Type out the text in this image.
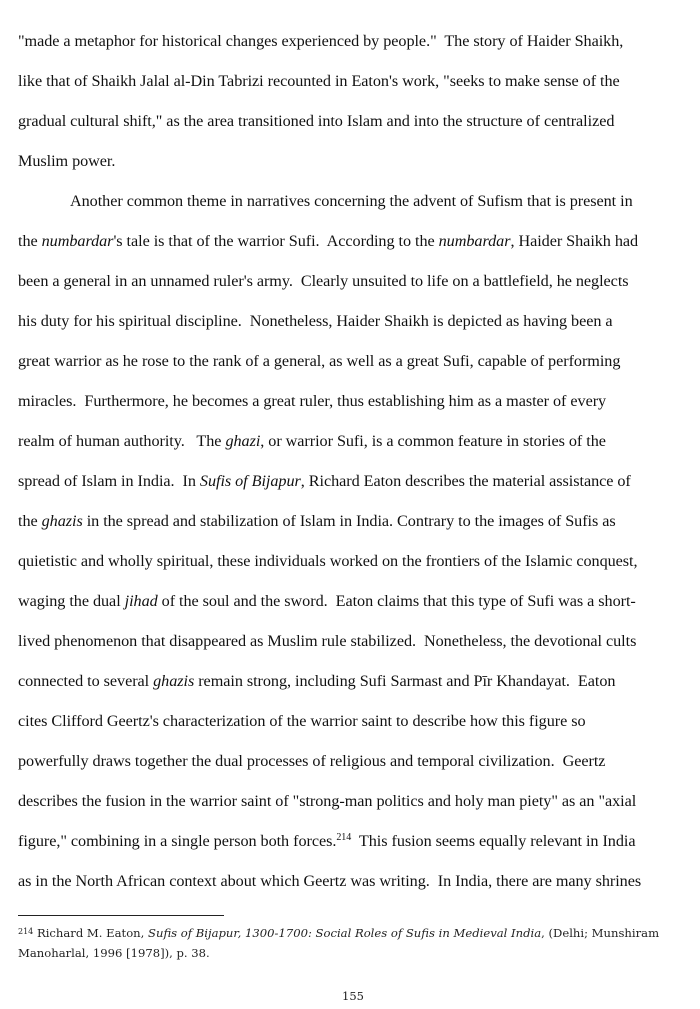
"made a metaphor for historical changes experienced by people."  The story of Haider Shaikh,
like that of Shaikh Jalal al-Din Tabrizi recounted in Eaton's work, "seeks to make sense of the
gradual cultural shift," as the area transitioned into Islam and into the structure of centralized
Muslim power.
Another common theme in narratives concerning the advent of Sufism that is present in
the numbardar's tale is that of the warrior Sufi.  According to the numbardar, Haider Shaikh had
been a general in an unnamed ruler's army.  Clearly unsuited to life on a battlefield, he neglects
his duty for his spiritual discipline.  Nonetheless, Haider Shaikh is depicted as having been a
great warrior as he rose to the rank of a general, as well as a great Sufi, capable of performing
miracles.  Furthermore, he becomes a great ruler, thus establishing him as a master of every
realm of human authority.   The ghazi, or warrior Sufi, is a common feature in stories of the
spread of Islam in India.  In Sufis of Bijapur, Richard Eaton describes the material assistance of
the ghazis in the spread and stabilization of Islam in India. Contrary to the images of Sufis as
quietistic and wholly spiritual, these individuals worked on the frontiers of the Islamic conquest,
waging the dual jihad of the soul and the sword.  Eaton claims that this type of Sufi was a short-
lived phenomenon that disappeared as Muslim rule stabilized.  Nonetheless, the devotional cults
connected to several ghazis remain strong, including Sufi Sarmast and Pīr Khandayat.  Eaton
cites Clifford Geertz's characterization of the warrior saint to describe how this figure so
powerfully draws together the dual processes of religious and temporal civilization.  Geertz
describes the fusion in the warrior saint of "strong-man politics and holy man piety" as an "axial
figure," combining in a single person both forces.$^{214}$  This fusion seems equally relevant in India
as in the North African context about which Geertz was writing.  In India, there are many shrines
$^{214}$ Richard M. Eaton, Sufis of Bijapur, 1300-1700: Social Roles of Sufis in Medieval India, (Delhi; Munshiram
Manoharlal, 1996 [1978]), p. 38.
155
